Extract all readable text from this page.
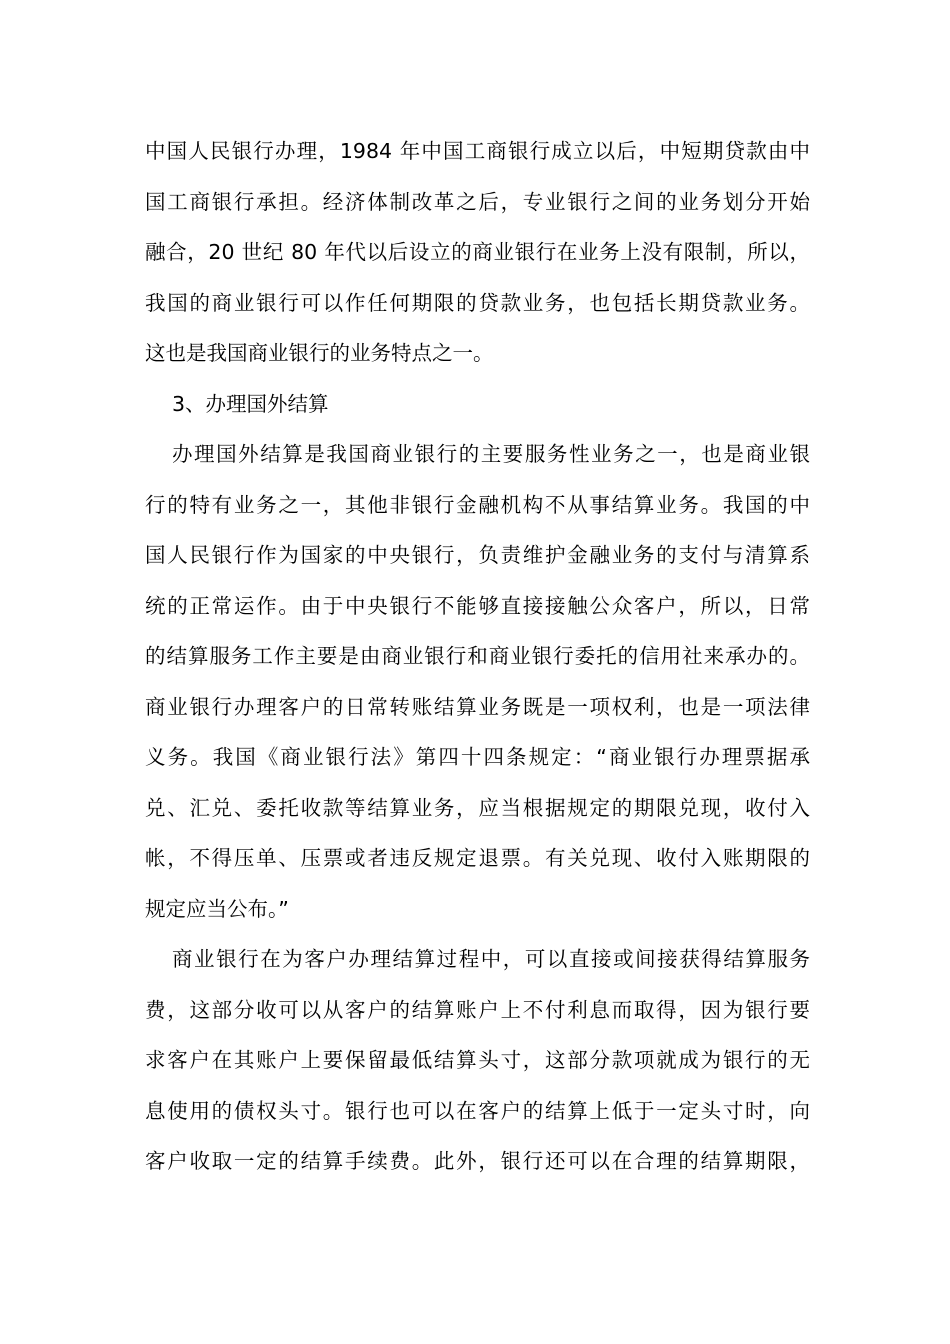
中国人民银行办理，1984 年中国工商银行成立以后，中短期贷款由中
国工商银行承担。经济体制改革之后，专业银行之间的业务划分开始
融合，20 世纪 80 年代以后设立的商业银行在业务上没有限制，所以，
我国的商业银行可以作任何期限的贷款业务，也包括长期贷款业务。
这也是我国商业银行的业务特点之一。
3、办理国外结算
办理国外结算是我国商业银行的主要服务性业务之一，也是商业银
行的特有业务之一，其他非银行金融机构不从事结算业务。我国的中
国人民银行作为国家的中央银行，负责维护金融业务的支付与清算系
统的正常运作。由于中央银行不能够直接接触公众客户，所以，日常
的结算服务工作主要是由商业银行和商业银行委托的信用社来承办的。
商业银行办理客户的日常转账结算业务既是一项权利，也是一项法律
义务。我国《商业银行法》第四十四条规定：“商业银行办理票据承
兑、汇兑、委托收款等结算业务，应当根据规定的期限兑现，收付入
帐，不得压单、压票或者违反规定退票。有关兑现、收付入账期限的
规定应当公布。”
商业银行在为客户办理结算过程中，可以直接或间接获得结算服务
费，这部分收可以从客户的结算账户上不付利息而取得，因为银行要
求客户在其账户上要保留最低结算头寸，这部分款项就成为银行的无
息使用的债权头寸。银行也可以在客户的结算上低于一定头寸时，向
客户收取一定的结算手续费。此外，银行还可以在合理的结算期限，
